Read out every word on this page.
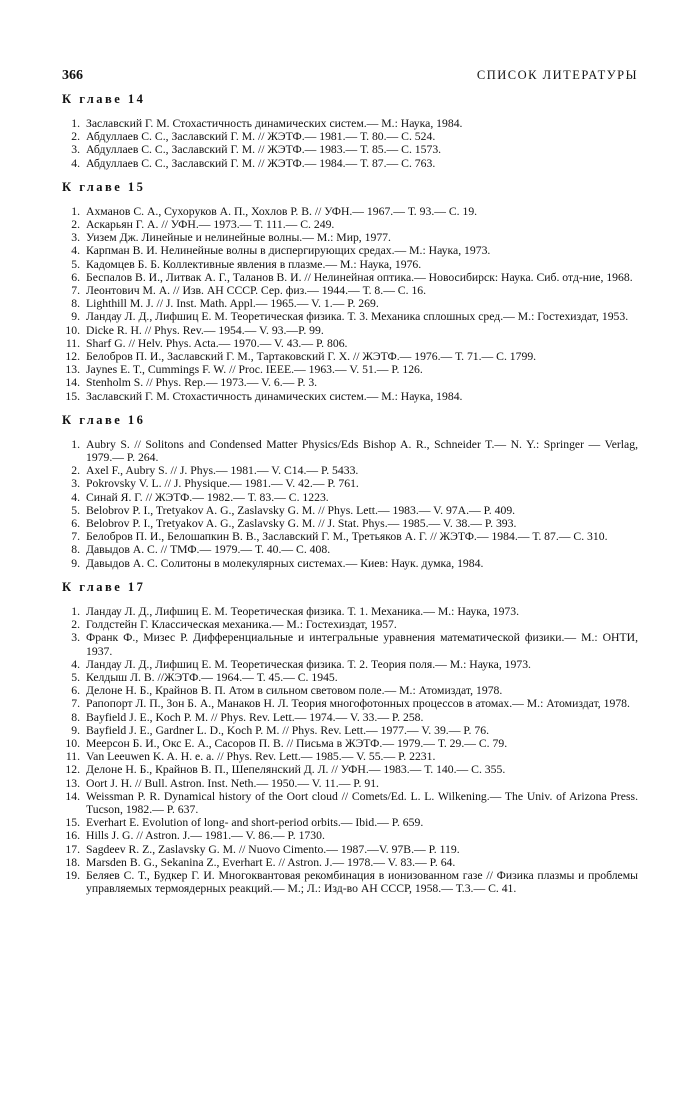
366	СПИСОК ЛИТЕРАТУРЫ
К главе 14
1. Заславский Г. М. Стохастичность динамических систем.— М.: Наука, 1984.
2. Абдуллаев С. С., Заславский Г. М. // ЖЭТФ.— 1981.— Т. 80.— С. 524.
3. Абдуллаев С. С., Заславский Г. М. // ЖЭТФ.— 1983.— Т. 85.— С. 1573.
4. Абдуллаев С. С., Заславский Г. М. // ЖЭТФ.— 1984.— Т. 87.— С. 763.
К главе 15
1. Ахманов С. А., Сухоруков А. П., Хохлов Р. В. // УФН.— 1967.— Т. 93.— С. 19.
2. Аскарьян Г. А. // УФН.— 1973.— Т. 111.— С. 249.
3. Уизем Дж. Линейные и нелинейные волны.— М.: Мир, 1977.
4. Карпман В. И. Нелинейные волны в диспергирующих средах.— М.: Наука, 1973.
5. Кадомцев Б. Б. Коллективные явления в плазме.— М.: Наука, 1976.
6. Беспалов В. И., Литвак А. Г., Таланов В. И. // Нелинейная оптика.— Новосибирск: Наука. Сиб. отд-ние, 1968.
7. Леонтович М. А. // Изв. АН СССР. Сер. физ.— 1944.— Т. 8.— С. 16.
8. Lighthill M. J. // J. Inst. Math. Appl.— 1965.— V. 1.— P. 269.
9. Ландау Л. Д., Лифшиц Е. М. Теоретическая физика. Т. 3. Механика сплошных сред.— М.: Гостехиздат, 1953.
10. Dicke R. H. // Phys. Rev.— 1954.— V. 93.—P. 99.
11. Sharf G. // Helv. Phys. Acta.— 1970.— V. 43.— P. 806.
12. Белобров П. И., Заславский Г. М., Тартаковский Г. Х. // ЖЭТФ.— 1976.— Т. 71.— С. 1799.
13. Jaynes E. T., Cummings F. W. // Proc. IEEE.— 1963.— V. 51.— P. 126.
14. Stenholm S. // Phys. Rep.— 1973.— V. 6.— P. 3.
15. Заславский Г. М. Стохастичность динамических систем.— М.: Наука, 1984.
К главе 16
1. Aubry S. // Solitons and Condensed Matter Physics/Eds Bishop A. R., Schneider T.— N. Y.: Springer — Verlag, 1979.— P. 264.
2. Axel F., Aubry S. // J. Phys.— 1981.— V. C14.— P. 5433.
3. Pokrovsky V. L. // J. Physique.— 1981.— V. 42.— P. 761.
4. Синай Я. Г. // ЖЭТФ.— 1982.— Т. 83.— С. 1223.
5. Belobrov P. I., Tretyakov A. G., Zaslavsky G. M. // Phys. Lett.— 1983.— V. 97A.— P. 409.
6. Belobrov P. I., Tretyakov A. G., Zaslavsky G. M. // J. Stat. Phys.— 1985.— V. 38.— P. 393.
7. Белобров П. И., Белошапкин В. В., Заславский Г. М., Третьяков А. Г. // ЖЭТФ.— 1984.— Т. 87.— С. 310.
8. Давыдов А. С. // ТМФ.— 1979.— Т. 40.— С. 408.
9. Давыдов А. С. Солитоны в молекулярных системах.— Киев: Наук. думка, 1984.
К главе 17
1. Ландау Л. Д., Лифшиц Е. М. Теоретическая физика. Т. 1. Механика.— М.: Наука, 1973.
2. Голдстейн Г. Классическая механика.— М.: Гостехиздат, 1957.
3. Франк Ф., Мизес Р. Дифференциальные и интегральные уравнения математической физики.— М.: ОНТИ, 1937.
4. Ландау Л. Д., Лифшиц Е. М. Теоретическая физика. Т. 2. Теория поля.— М.: Наука, 1973.
5. Келдыш Л. В. //ЖЭТФ.— 1964.— Т. 45.— С. 1945.
6. Делоне Н. Б., Крайнов В. П. Атом в сильном световом поле.— М.: Атомиздат, 1978.
7. Рапопорт Л. П., Зон Б. А., Манаков Н. Л. Теория многофотонных процессов в атомах.— М.: Атомиздат, 1978.
8. Bayfield J. E., Koch P. M. // Phys. Rev. Lett.— 1974.— V. 33.— P. 258.
9. Bayfield J. E., Gardner L. D., Koch P. M. // Phys. Rev. Lett.— 1977.— V. 39.— P. 76.
10. Меерсон Б. И., Окс Е. А., Сасоров П. В. // Письма в ЖЭТФ.— 1979.— Т. 29.— С. 79.
11. Van Leeuwen K. A. H. e. a. // Phys. Rev. Lett.— 1985.— V. 55.— P. 2231.
12. Делоне Н. Б., Крайнов В. П., Шепелянский Д. Л. // УФН.— 1983.— Т. 140.— С. 355.
13. Oort J. H. // Bull. Astron. Inst. Neth.— 1950.— V. 11.— P. 91.
14. Weissman P. R. Dynamical history of the Oort cloud // Comets/Ed. L. L. Wilkening.— The Univ. of Arizona Press. Tucson, 1982.— P. 637.
15. Everhart E. Evolution of long- and short-period orbits.— Ibid.— P. 659.
16. Hills J. G. // Astron. J.— 1981.— V. 86.— P. 1730.
17. Sagdeev R. Z., Zaslavsky G. M. // Nuovo Cimento.— 1987.—V. 97B.— P. 119.
18. Marsden B. G., Sekanina Z., Everhart E. // Astron. J.— 1978.— V. 83.— P. 64.
19. Беляев С. Т., Будкер Г. И. Многоквантовая рекомбинация в ионизованном газе // Физика плазмы и проблемы управляемых термоядерных реакций.— М.; Л.: Изд-во АН СССР, 1958.— Т.3.— С. 41.
